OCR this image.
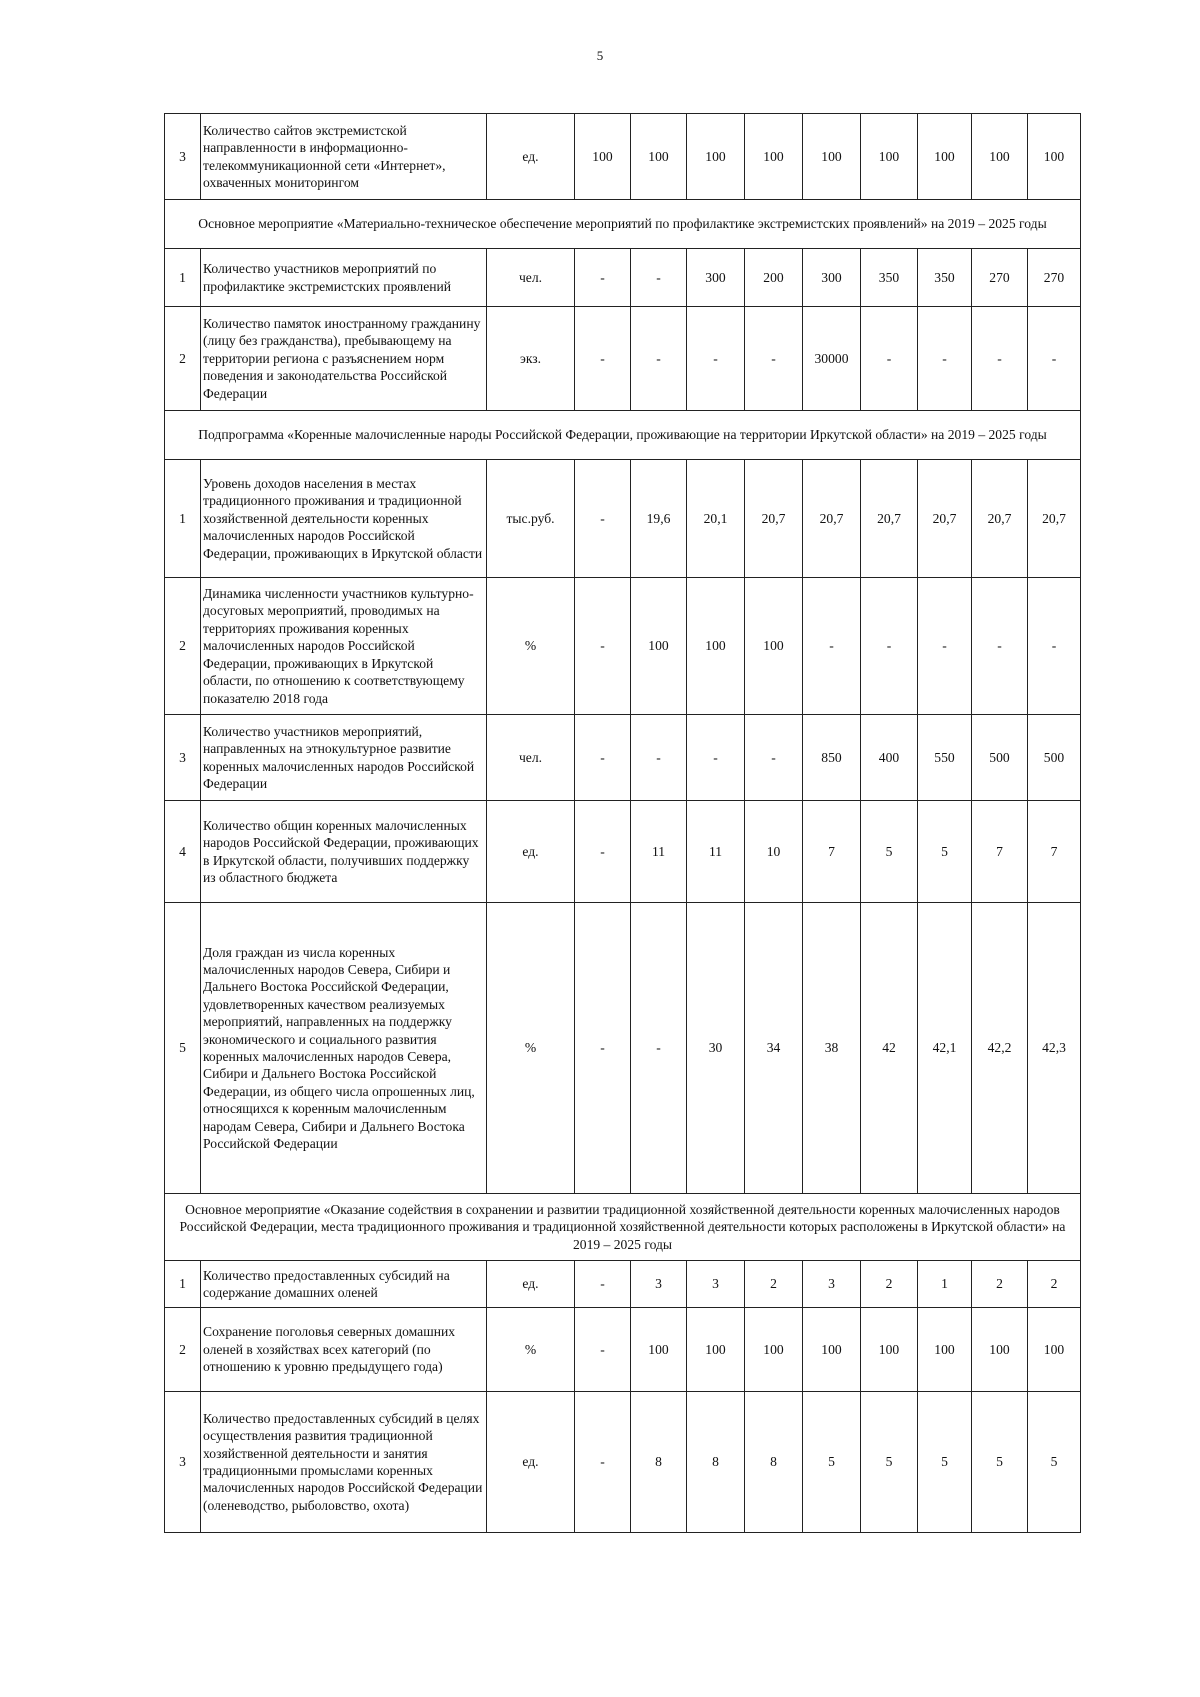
5
3	Количество сайтов экстремистской направленности в информационно-телекоммуникационной сети «Интернет», охваченных мониторингом	ед.	100	100	100	100	100	100	100	100	100
Основное мероприятие «Материально-техническое обеспечение мероприятий по профилактике экстремистских проявлений» на 2019 – 2025 годы											
1	Количество участников мероприятий по профилактике экстремистских проявлений	чел.	-	-	300	200	300	350	350	270	270
2	Количество памяток иностранному гражданину (лицу без гражданства), пребывающему на территории региона с разъяснением норм поведения и законодательства Российской Федерации	экз.	-	-	-	-	30000	-	-	-	-
Подпрограмма «Коренные малочисленные народы Российской Федерации, проживающие на территории Иркутской области» на 2019 – 2025 годы											
1	Уровень доходов населения в местах традиционного проживания и традиционной хозяйственной деятельности коренных малочисленных народов Российской Федерации, проживающих в Иркутской области	тыс.руб.	-	19,6	20,1	20,7	20,7	20,7	20,7	20,7	20,7
2	Динамика численности участников культурно-досуговых мероприятий, проводимых на территориях проживания коренных малочисленных народов Российской Федерации, проживающих в Иркутской области, по отношению к соответствующему показателю 2018 года	%	-	100	100	100	-	-	-	-	-
3	Количество участников мероприятий, направленных на этнокультурное развитие коренных малочисленных народов Российской Федерации	чел.	-	-	-	-	850	400	550	500	500
4	Количество общин коренных малочисленных народов Российской Федерации, проживающих в Иркутской области, получивших поддержку из областного бюджета	ед.	-	11	11	10	7	5	5	7	7
5	Доля граждан из числа коренных малочисленных народов Севера, Сибири и Дальнего Востока Российской Федерации, удовлетворенных качеством реализуемых мероприятий, направленных на поддержку экономического и социального развития коренных малочисленных народов Севера, Сибири и Дальнего Востока Российской Федерации, из общего числа опрошенных лиц, относящихся к коренным малочисленным народам Севера, Сибири и Дальнего Востока Российской Федерации	%	-	-	30	34	38	42	42,1	42,2	42,3
Основное мероприятие «Оказание содействия в сохранении и развитии традиционной хозяйственной деятельности коренных малочисленных народов Российской Федерации, места традиционного проживания и традиционной хозяйственной деятельности которых расположены в Иркутской области» на 2019 – 2025 годы											
1	Количество предоставленных субсидий на содержание домашних оленей	ед.	-	3	3	2	3	2	1	2	2
2	Сохранение поголовья северных домашних оленей в хозяйствах всех категорий (по отношению к уровню предыдущего года)	%	-	100	100	100	100	100	100	100	100
3	Количество предоставленных субсидий в целях осуществления развития традиционной хозяйственной деятельности и занятия традиционными промыслами коренных малочисленных народов Российской Федерации (оленеводство, рыболовство, охота)	ед.	-	8	8	8	5	5	5	5	5
